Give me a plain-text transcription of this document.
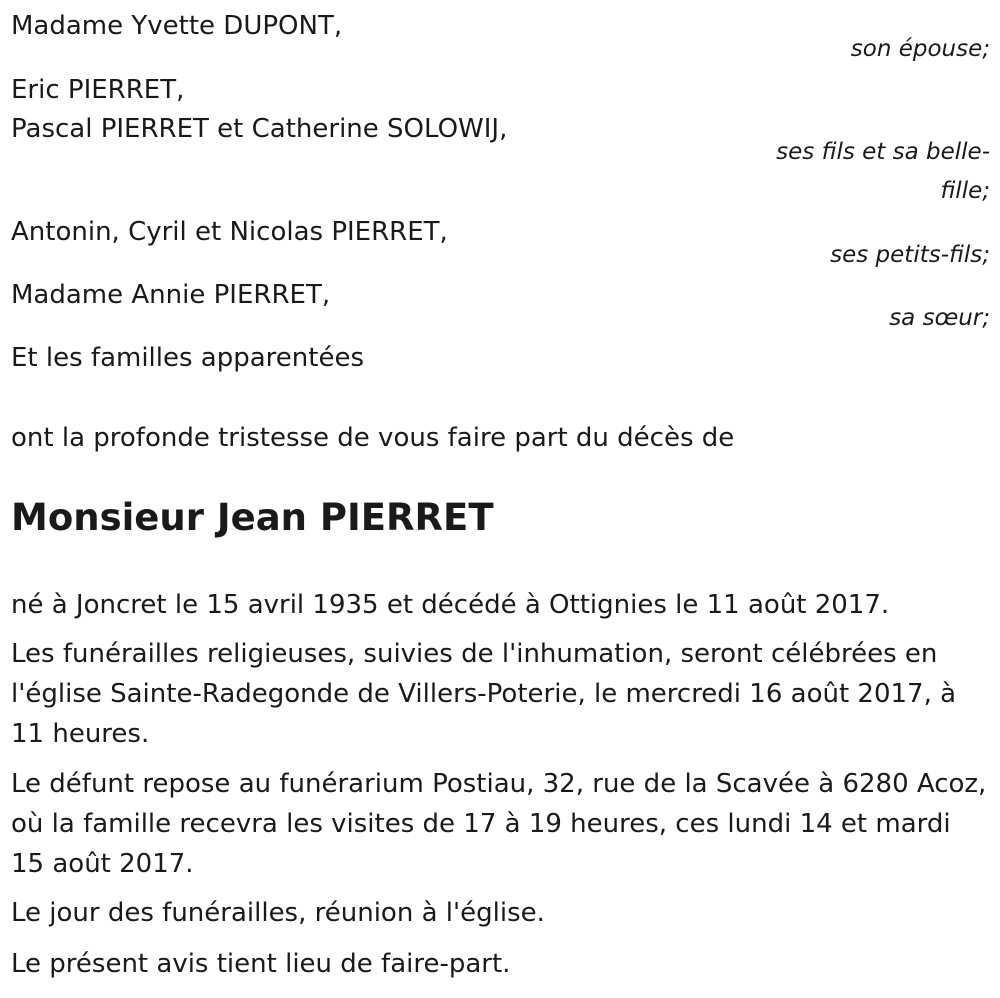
Madame Yvette DUPONT,
son épouse;
Eric PIERRET,
Pascal PIERRET et Catherine SOLOWIJ,
ses fils et sa belle-
fille;
Antonin, Cyril et Nicolas PIERRET,
ses petits-fils;
Madame Annie PIERRET,
sa sœur;
Et les familles apparentées
ont la profonde tristesse de vous faire part du décès de
Monsieur Jean PIERRET
né à Joncret le 15 avril 1935 et décédé à Ottignies le 11 août 2017.
Les funérailles religieuses, suivies de l'inhumation, seront célébrées en l'église Sainte-Radegonde de Villers-Poterie, le mercredi 16 août 2017, à 11 heures.
Le défunt repose au funérarium Postiau, 32, rue de la Scavée à 6280 Acoz, où la famille recevra les visites de 17 à 19 heures, ces lundi 14 et mardi 15 août 2017.
Le jour des funérailles, réunion à l'église.
Le présent avis tient lieu de faire-part.
